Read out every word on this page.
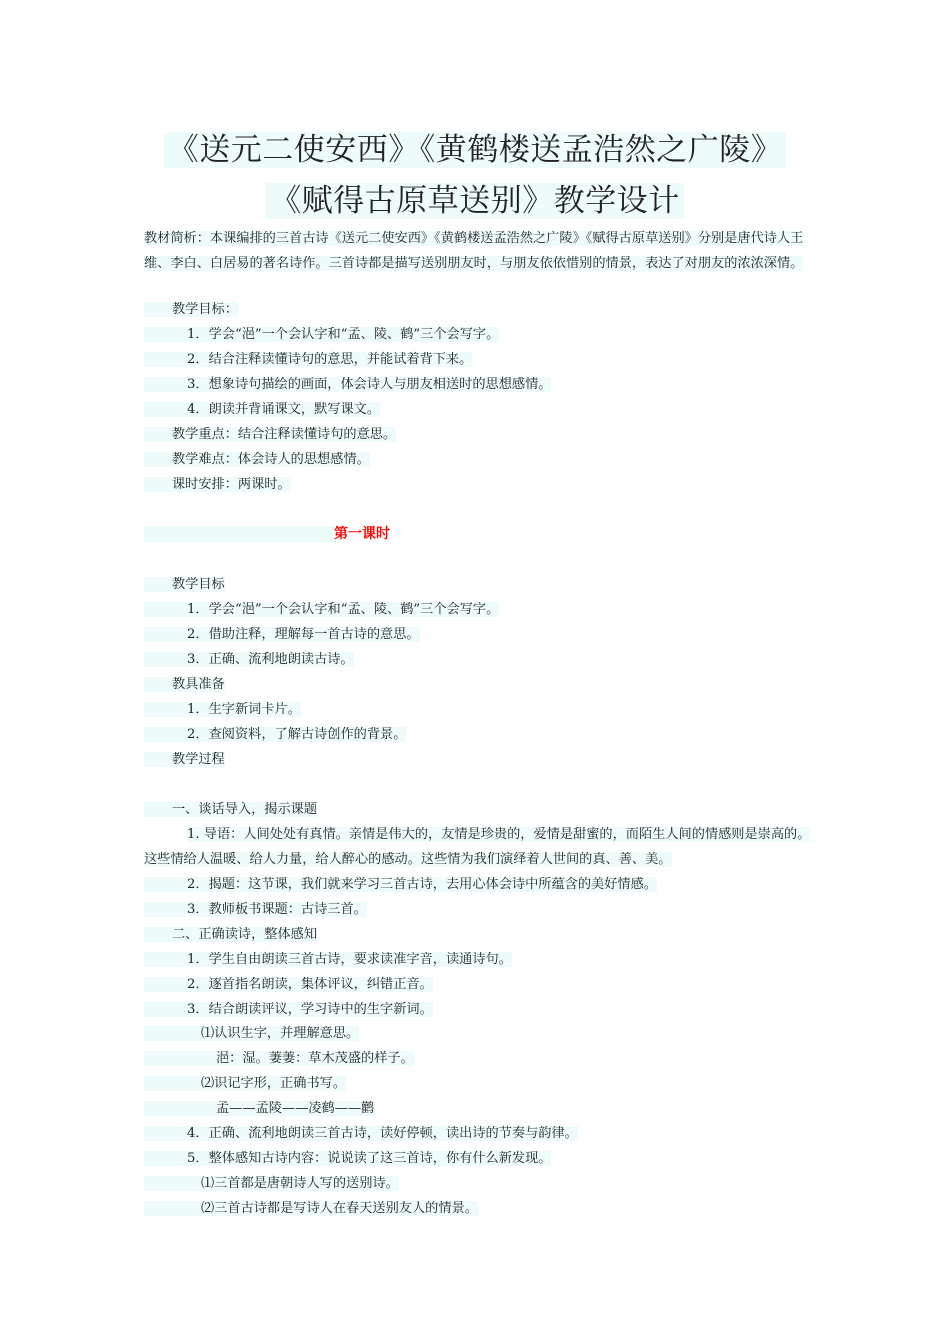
《送元二使安西》《黄鹤楼送孟浩然之广陵》
《赋得古原草送别》教学设计
教材简析：本课编排的三首古诗《送元二使安西》《黄鹤楼送孟浩然之广陵》《赋得古原草送别》分别是唐代诗人王维、李白、白居易的著名诗作。三首诗都是描写送别朋友时，与朋友依依惜别的情景，表达了对朋友的浓浓深情。
教学目标：
1．学会“浥”一个会认字和“孟、陵、鹤”三个会写字。
2．结合注释读懂诗句的意思，并能试着背下来。
3．想象诗句描绘的画面，体会诗人与朋友相送时的思想感情。
4．朗读并背诵课文，默写课文。
教学重点：结合注释读懂诗句的意思。
教学难点：体会诗人的思想感情。
课时安排：两课时。
第一课时
教学目标
1．学会“浥”一个会认字和“孟、陵、鹤”三个会写字。
2．借助注释，理解每一首古诗的意思。
3．正确、流利地朗读古诗。
教具准备
1．生字新词卡片。
2．查阅资料，了解古诗创作的背景。
教学过程
一、谈话导入，揭示课题
1. 导语：人间处处有真情。亲情是伟大的，友情是珍贵的，爱情是甜蜜的，而陌生人间的情感则是崇高的。这些情给人温暖、给人力量，给人醉心的感动。这些情为我们演绎着人世间的真、善、美。
2．揭题：这节课，我们就来学习三首古诗，去用心体会诗中所蕴含的美好情感。
3．教师板书课题：古诗三首。
二、正确读诗，整体感知
1．学生自由朗读三首古诗，要求读准字音，读通诗句。
2．逐首指名朗读，集体评议，纠错正音。
3．结合朗读评议，学习诗中的生字新词。
⑴认识生字，并理解意思。
浥：湿。萋萋：草木茂盛的样子。
⑵识记字形，正确书写。
孟——孟陵——凌鹤——鹳
4．正确、流利地朗读三首古诗，读好停顿，读出诗的节奏与韵律。
5．整体感知古诗内容：说说读了这三首诗，你有什么新发现。
⑴三首都是唐朝诗人写的送别诗。
⑵三首古诗都是写诗人在春天送别友人的情景。
